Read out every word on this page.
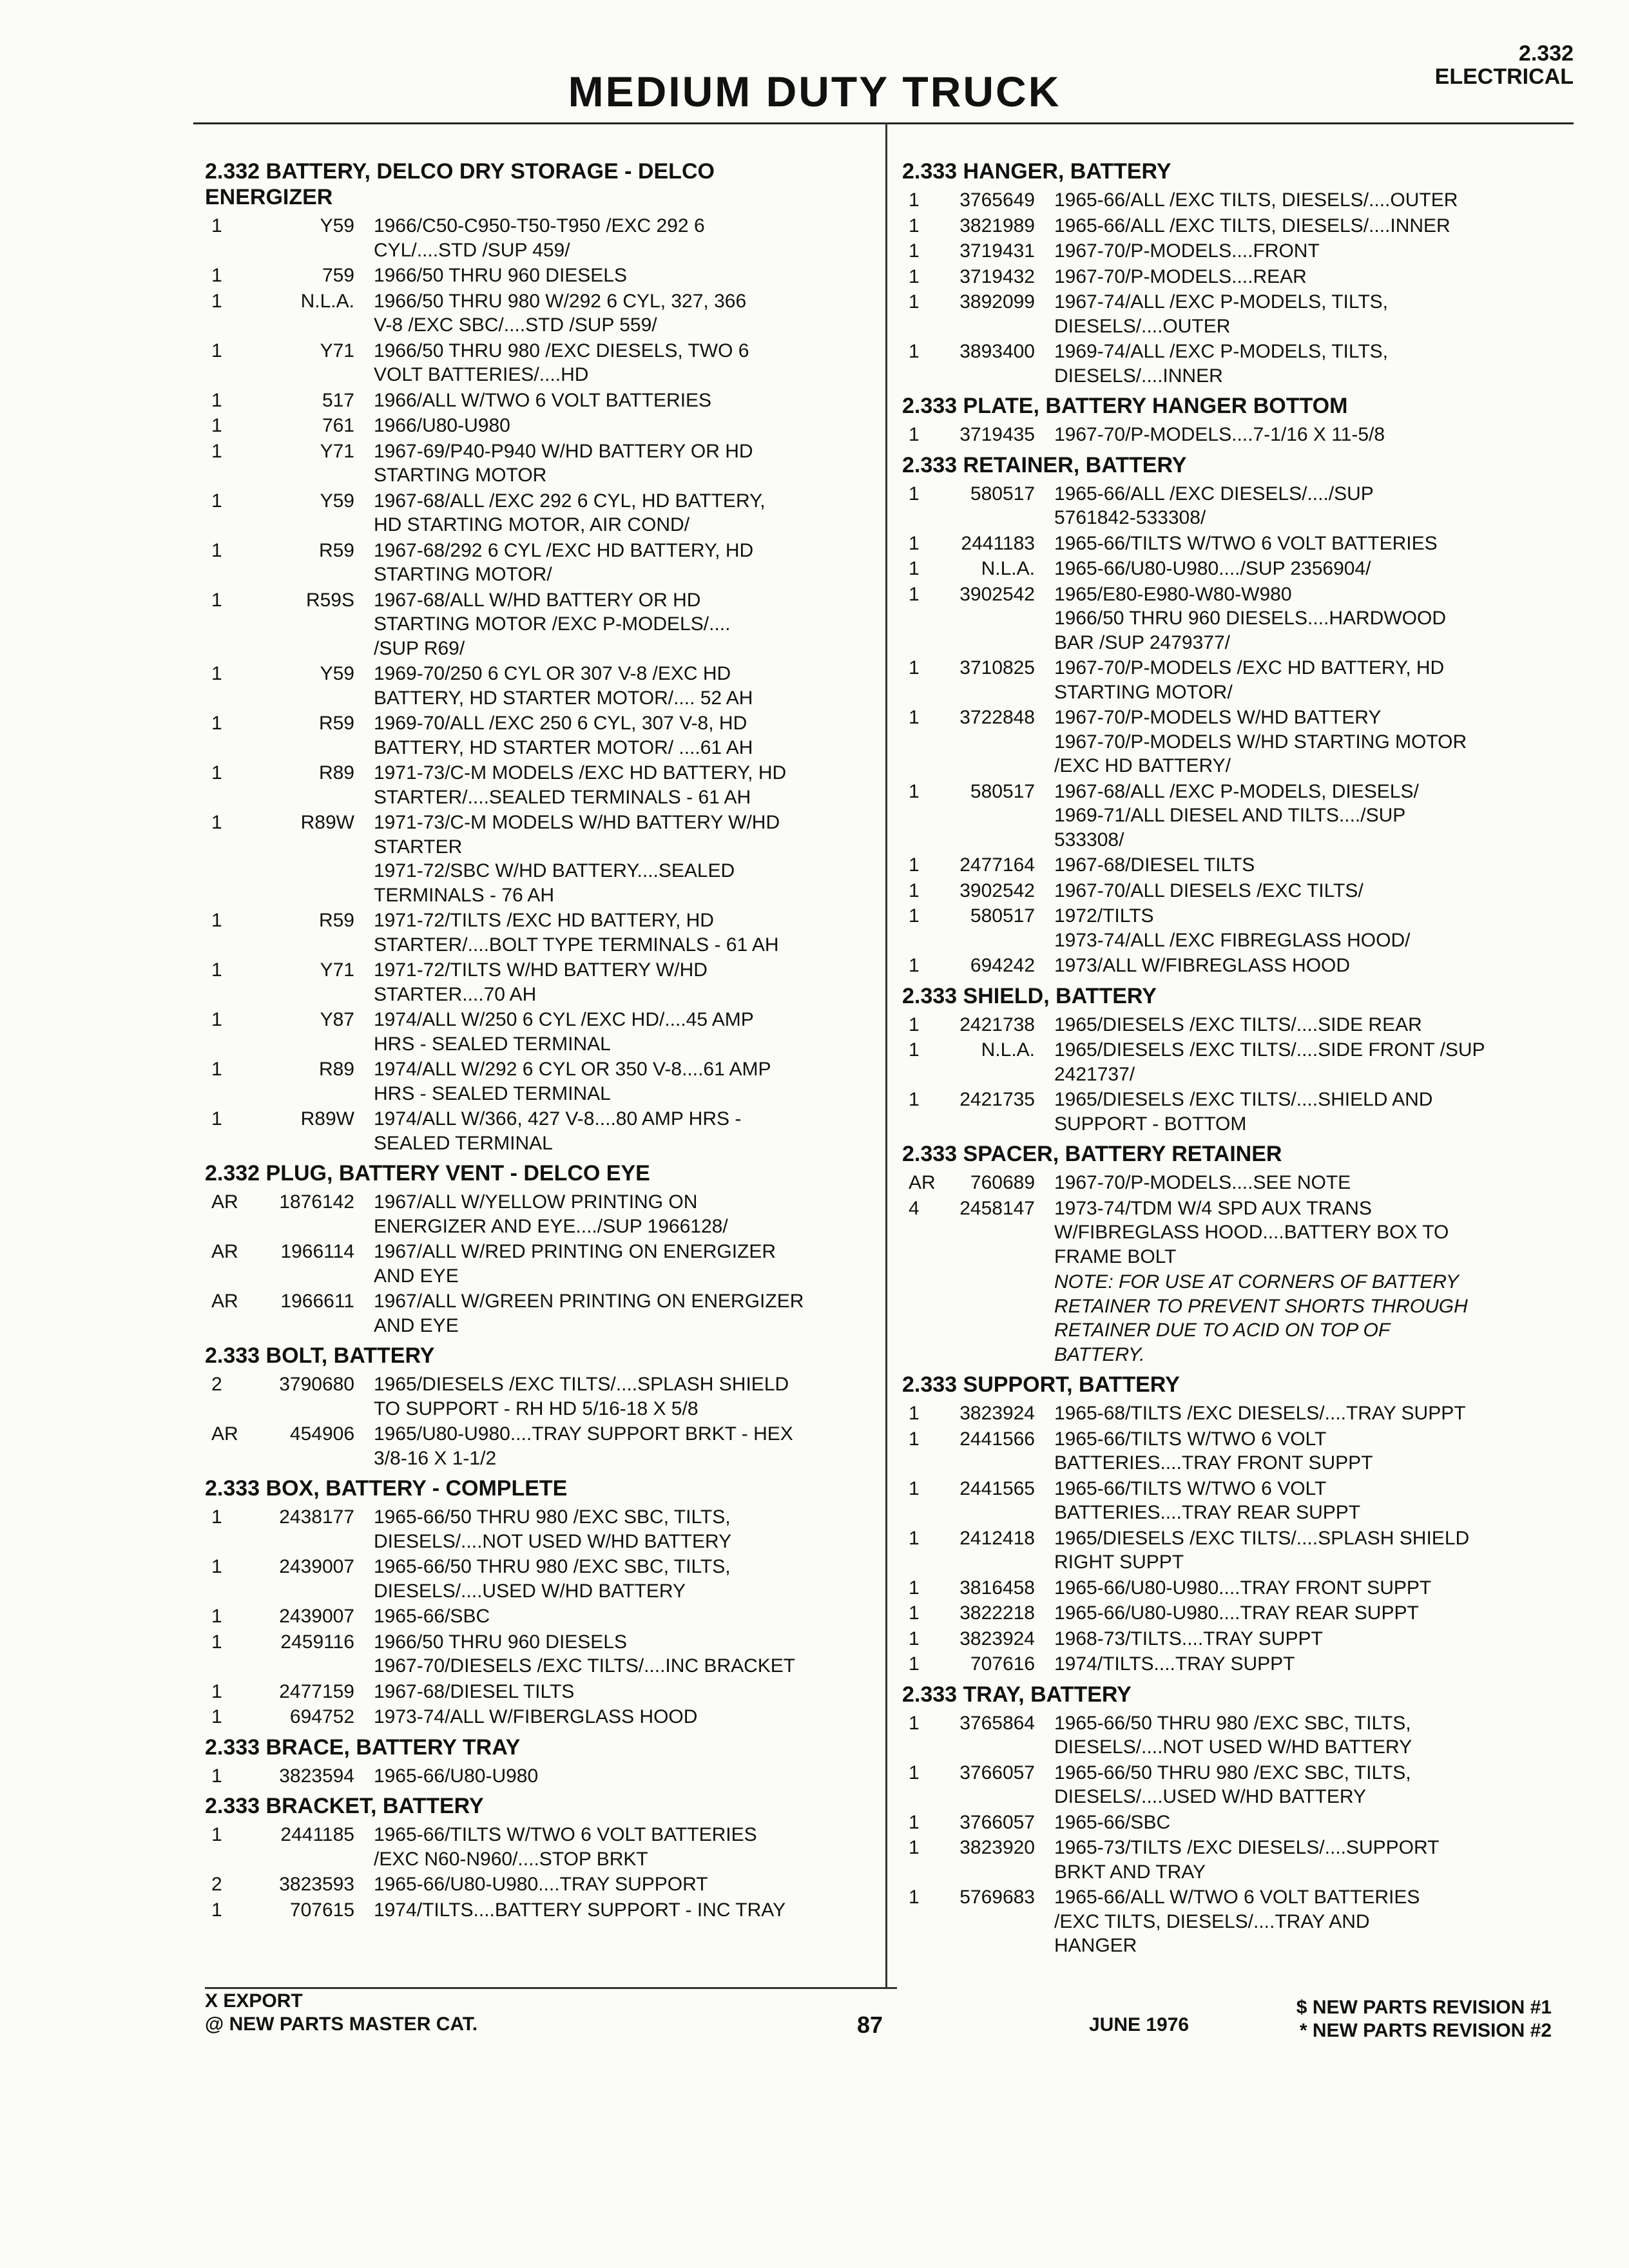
2.332
ELECTRICAL
MEDIUM DUTY TRUCK
2.332 BATTERY, DELCO DRY STORAGE - DELCO
ENERGIZER
1	Y59	1966/C50-C950-T50-T950 /EXC 292 6
CYL/....STD /SUP 459/
1	759	1966/50 THRU 960 DIESELS
1	N.L.A.	1966/50 THRU 980 W/292 6 CYL, 327, 366
V-8 /EXC SBC/....STD /SUP 559/
1	Y71	1966/50 THRU 980 /EXC DIESELS, TWO 6
VOLT BATTERIES/....HD
1	517	1966/ALL W/TWO 6 VOLT BATTERIES
1	761	1966/U80-U980
1	Y71	1967-69/P40-P940 W/HD BATTERY OR HD
STARTING MOTOR
1	Y59	1967-68/ALL /EXC 292 6 CYL, HD BATTERY,
HD STARTING MOTOR, AIR COND/
1	R59	1967-68/292 6 CYL /EXC HD BATTERY, HD
STARTING MOTOR/
1	R59S	1967-68/ALL W/HD BATTERY OR HD
STARTING MOTOR /EXC P-MODELS/....
/SUP R69/
1	Y59	1969-70/250 6 CYL OR 307 V-8 /EXC HD
BATTERY, HD STARTER MOTOR/.... 52 AH
1	R59	1969-70/ALL /EXC 250 6 CYL, 307 V-8, HD
BATTERY, HD STARTER MOTOR/ ....61 AH
1	R89	1971-73/C-M MODELS /EXC HD BATTERY, HD
STARTER/....SEALED TERMINALS - 61 AH
1	R89W	1971-73/C-M MODELS W/HD BATTERY W/HD
STARTER
1971-72/SBC W/HD BATTERY....SEALED
TERMINALS - 76 AH
1	R59	1971-72/TILTS /EXC HD BATTERY, HD
STARTER/....BOLT TYPE TERMINALS - 61 AH
1	Y71	1971-72/TILTS W/HD BATTERY W/HD
STARTER....70 AH
1	Y87	1974/ALL W/250 6 CYL /EXC HD/....45 AMP
HRS - SEALED TERMINAL
1	R89	1974/ALL W/292 6 CYL OR 350 V-8....61 AMP
HRS - SEALED TERMINAL
1	R89W	1974/ALL W/366, 427 V-8....80 AMP HRS -
SEALED TERMINAL
2.332 PLUG, BATTERY VENT - DELCO EYE
AR	1876142	1967/ALL W/YELLOW PRINTING ON
ENERGIZER AND EYE..../SUP 1966128/
AR	1966114	1967/ALL W/RED PRINTING ON ENERGIZER
AND EYE
AR	1966611	1967/ALL W/GREEN PRINTING ON ENERGIZER
AND EYE
2.333 BOLT, BATTERY
2	3790680	1965/DIESELS /EXC TILTS/....SPLASH SHIELD
TO SUPPORT - RH HD 5/16-18 X 5/8
AR	454906	1965/U80-U980....TRAY SUPPORT BRKT - HEX
3/8-16 X 1-1/2
2.333 BOX, BATTERY - COMPLETE
1	2438177	1965-66/50 THRU 980 /EXC SBC, TILTS,
DIESELS/....NOT USED W/HD BATTERY
1	2439007	1965-66/50 THRU 980 /EXC SBC, TILTS,
DIESELS/....USED W/HD BATTERY
1	2439007	1965-66/SBC
1	2459116	1966/50 THRU 960 DIESELS
1967-70/DIESELS /EXC TILTS/....INC BRACKET
1	2477159	1967-68/DIESEL TILTS
1	694752	1973-74/ALL W/FIBERGLASS HOOD
2.333 BRACE, BATTERY TRAY
1	3823594	1965-66/U80-U980
2.333 BRACKET, BATTERY
1	2441185	1965-66/TILTS W/TWO 6 VOLT BATTERIES
/EXC N60-N960/....STOP BRKT
2	3823593	1965-66/U80-U980....TRAY SUPPORT
1	707615	1974/TILTS....BATTERY SUPPORT - INC TRAY
2.333 HANGER, BATTERY
1	3765649	1965-66/ALL /EXC TILTS, DIESELS/....OUTER
1	3821989	1965-66/ALL /EXC TILTS, DIESELS/....INNER
1	3719431	1967-70/P-MODELS....FRONT
1	3719432	1967-70/P-MODELS....REAR
1	3892099	1967-74/ALL /EXC P-MODELS, TILTS,
DIESELS/....OUTER
1	3893400	1969-74/ALL /EXC P-MODELS, TILTS,
DIESELS/....INNER
2.333 PLATE, BATTERY HANGER BOTTOM
1	3719435	1967-70/P-MODELS....7-1/16 X 11-5/8
2.333 RETAINER, BATTERY
1	580517	1965-66/ALL /EXC DIESELS/..../SUP
5761842-533308/
1	2441183	1965-66/TILTS W/TWO 6 VOLT BATTERIES
1	N.L.A.	1965-66/U80-U980..../SUP 2356904/
1	3902542	1965/E80-E980-W80-W980
1966/50 THRU 960 DIESELS....HARDWOOD
BAR /SUP 2479377/
1	3710825	1967-70/P-MODELS /EXC HD BATTERY, HD
STARTING MOTOR/
1	3722848	1967-70/P-MODELS W/HD BATTERY
1967-70/P-MODELS W/HD STARTING MOTOR
/EXC HD BATTERY/
1	580517	1967-68/ALL /EXC P-MODELS, DIESELS/
1969-71/ALL DIESEL AND TILTS..../SUP
533308/
1	2477164	1967-68/DIESEL TILTS
1	3902542	1967-70/ALL DIESELS /EXC TILTS/
1	580517	1972/TILTS
1973-74/ALL /EXC FIBREGLASS HOOD/
1	694242	1973/ALL W/FIBREGLASS HOOD
2.333 SHIELD, BATTERY
1	2421738	1965/DIESELS /EXC TILTS/....SIDE REAR
1	N.L.A.	1965/DIESELS /EXC TILTS/....SIDE FRONT /SUP
2421737/
1	2421735	1965/DIESELS /EXC TILTS/....SHIELD AND
SUPPORT - BOTTOM
2.333 SPACER, BATTERY RETAINER
AR	760689	1967-70/P-MODELS....SEE NOTE
4	2458147	1973-74/TDM W/4 SPD AUX TRANS
W/FIBREGLASS HOOD....BATTERY BOX TO
FRAME BOLT
NOTE: FOR USE AT CORNERS OF BATTERY
RETAINER TO PREVENT SHORTS THROUGH
RETAINER DUE TO ACID ON TOP OF
BATTERY.
2.333 SUPPORT, BATTERY
1	3823924	1965-68/TILTS /EXC DIESELS/....TRAY SUPPT
1	2441566	1965-66/TILTS W/TWO 6 VOLT
BATTERIES....TRAY FRONT SUPPT
1	2441565	1965-66/TILTS W/TWO 6 VOLT
BATTERIES....TRAY REAR SUPPT
1	2412418	1965/DIESELS /EXC TILTS/....SPLASH SHIELD
RIGHT SUPPT
1	3816458	1965-66/U80-U980....TRAY FRONT SUPPT
1	3822218	1965-66/U80-U980....TRAY REAR SUPPT
1	3823924	1968-73/TILTS....TRAY SUPPT
1	707616	1974/TILTS....TRAY SUPPT
2.333 TRAY, BATTERY
1	3765864	1965-66/50 THRU 980 /EXC SBC, TILTS,
DIESELS/....NOT USED W/HD BATTERY
1	3766057	1965-66/50 THRU 980 /EXC SBC, TILTS,
DIESELS/....USED W/HD BATTERY
1	3766057	1965-66/SBC
1	3823920	1965-73/TILTS /EXC DIESELS/....SUPPORT
BRKT AND TRAY
1	5769683	1965-66/ALL W/TWO 6 VOLT BATTERIES
/EXC TILTS, DIESELS/....TRAY AND
HANGER
X EXPORT
@ NEW PARTS MASTER CAT.	87	JUNE 1976
$ NEW PARTS REVISION #1
* NEW PARTS REVISION #2
